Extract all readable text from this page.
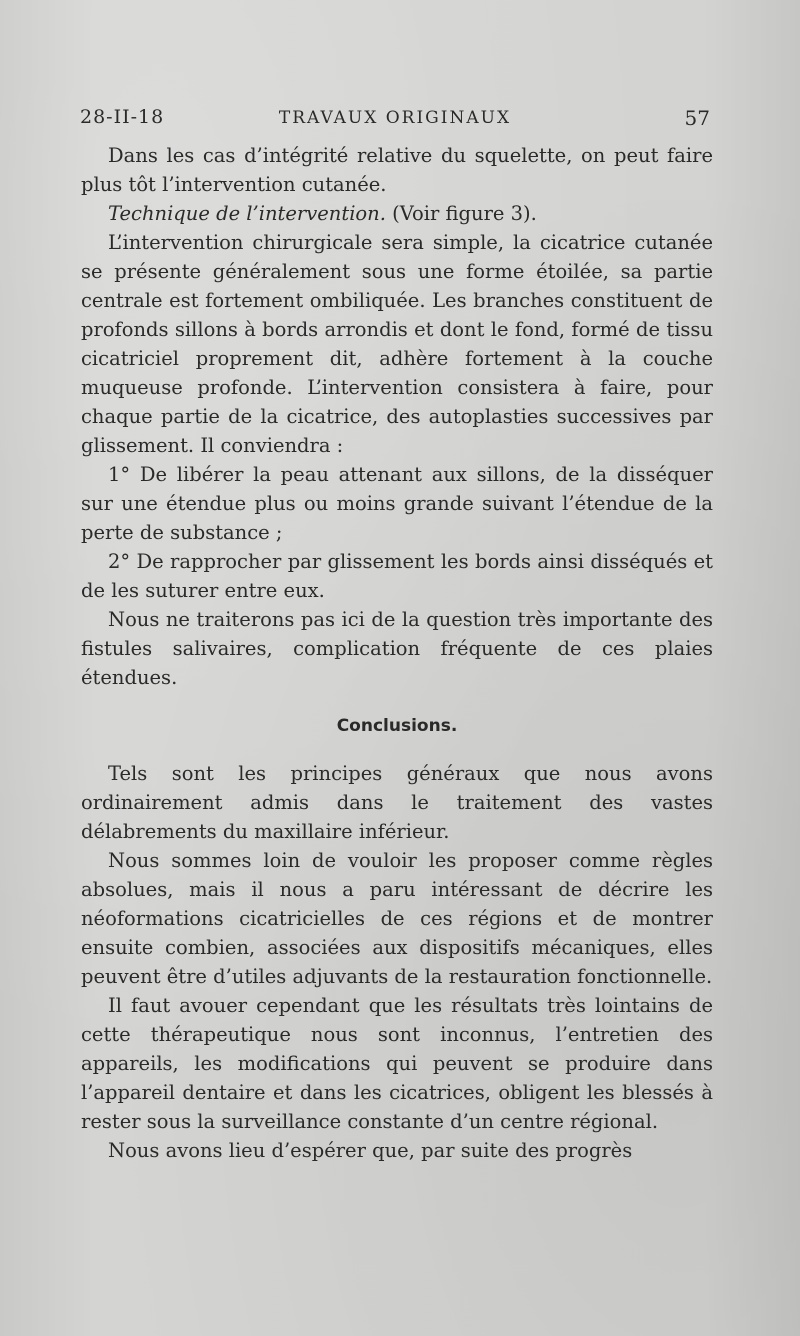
28-II-18	TRAVAUX ORIGINAUX	57

Dans les cas d’intégrité relative du squelette, on peut faire plus tôt l’intervention cutanée.

Technique de l’intervention. (Voir figure 3).

L’intervention chirurgicale sera simple, la cicatrice cutanée se présente généralement sous une forme étoilée, sa partie centrale est fortement ombiliquée. Les branches constituent de profonds sillons à bords arrondis et dont le fond, formé de tissu cicatriciel proprement dit, adhère fortement à la couche muqueuse profonde. L’intervention consistera à faire, pour chaque partie de la cicatrice, des autoplasties successives par glissement. Il conviendra :

1° De libérer la peau attenant aux sillons, de la disséquer sur une étendue plus ou moins grande suivant l’étendue de la perte de substance ;

2° De rapprocher par glissement les bords ainsi disséqués et de les suturer entre eux.

Nous ne traiterons pas ici de la question très importante des fistules salivaires, complication fréquente de ces plaies étendues.

Conclusions.

Tels sont les principes généraux que nous avons ordinairement admis dans le traitement des vastes délabrements du maxillaire inférieur.

Nous sommes loin de vouloir les proposer comme règles absolues, mais il nous a paru intéressant de décrire les néoformations cicatricielles de ces régions et de montrer ensuite combien, associées aux dispositifs mécaniques, elles peuvent être d’utiles adjuvants de la restauration fonctionnelle.

Il faut avouer cependant que les résultats très lointains de cette thérapeutique nous sont inconnus, l’entretien des appareils, les modifications qui peuvent se produire dans l’appareil dentaire et dans les cicatrices, obligent les blessés à rester sous la surveillance constante d’un centre régional.

Nous avons lieu d’espérer que, par suite des progrès
